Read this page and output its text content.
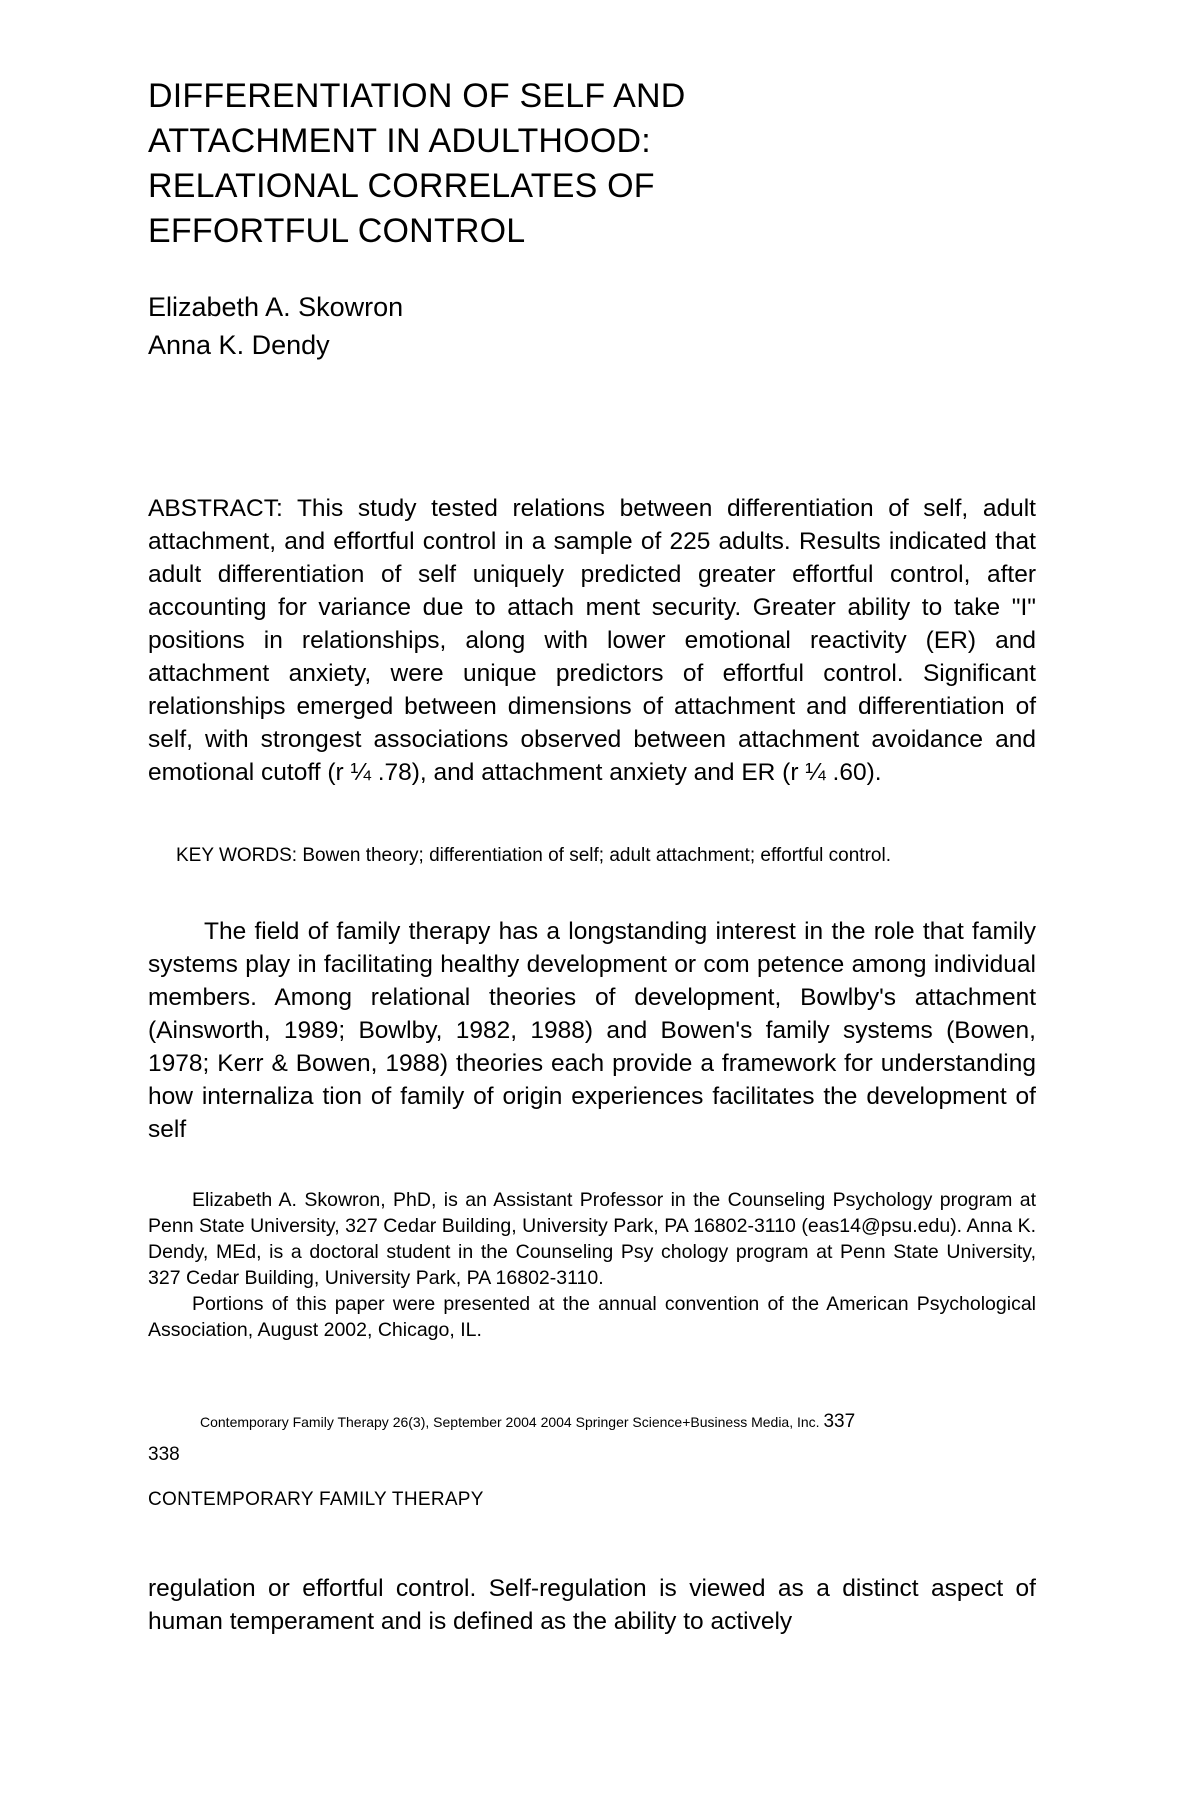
DIFFERENTIATION OF SELF AND
ATTACHMENT IN ADULTHOOD:
RELATIONAL CORRELATES OF
EFFORTFUL CONTROL
Elizabeth A. Skowron
Anna K. Dendy

ABSTRACT: This study tested relations between differentiation of self, adult attachment, and effortful control in a sample of 225 adults. Results indicated that adult differentiation of self uniquely predicted greater effortful control, after accounting for variance due to attach ment security. Greater ability to take "I" positions in relationships, along with lower emotional reactivity (ER) and attachment anxiety, were unique predictors of effortful control. Significant relationships emerged between dimensions of attachment and differentiation of self, with strongest associations observed between attachment avoidance and emotional cutoff (r ¼ .78), and attachment anxiety and ER (r ¼ .60).

KEY WORDS: Bowen theory; differentiation of self; adult attachment; effortful control.

The field of family therapy has a longstanding interest in the role that family systems play in facilitating healthy development or com petence among individual members. Among relational theories of development, Bowlby's attachment (Ainsworth, 1989; Bowlby, 1982, 1988) and Bowen's family systems (Bowen, 1978; Kerr & Bowen, 1988) theories each provide a framework for understanding how internaliza tion of family of origin experiences facilitates the development of self

Elizabeth A. Skowron, PhD, is an Assistant Professor in the Counseling Psychology program at Penn State University, 327 Cedar Building, University Park, PA 16802-3110 (eas14@psu.edu). Anna K. Dendy, MEd, is a doctoral student in the Counseling Psy chology program at Penn State University, 327 Cedar Building, University Park, PA 16802-3110.

Portions of this paper were presented at the annual convention of the American Psychological Association, August 2002, Chicago, IL.

Contemporary Family Therapy 26(3), September 2004 2004 Springer Science+Business Media, Inc. 337
338
CONTEMPORARY FAMILY THERAPY

regulation or effortful control. Self-regulation is viewed as a distinct aspect of human temperament and is defined as the ability to actively
